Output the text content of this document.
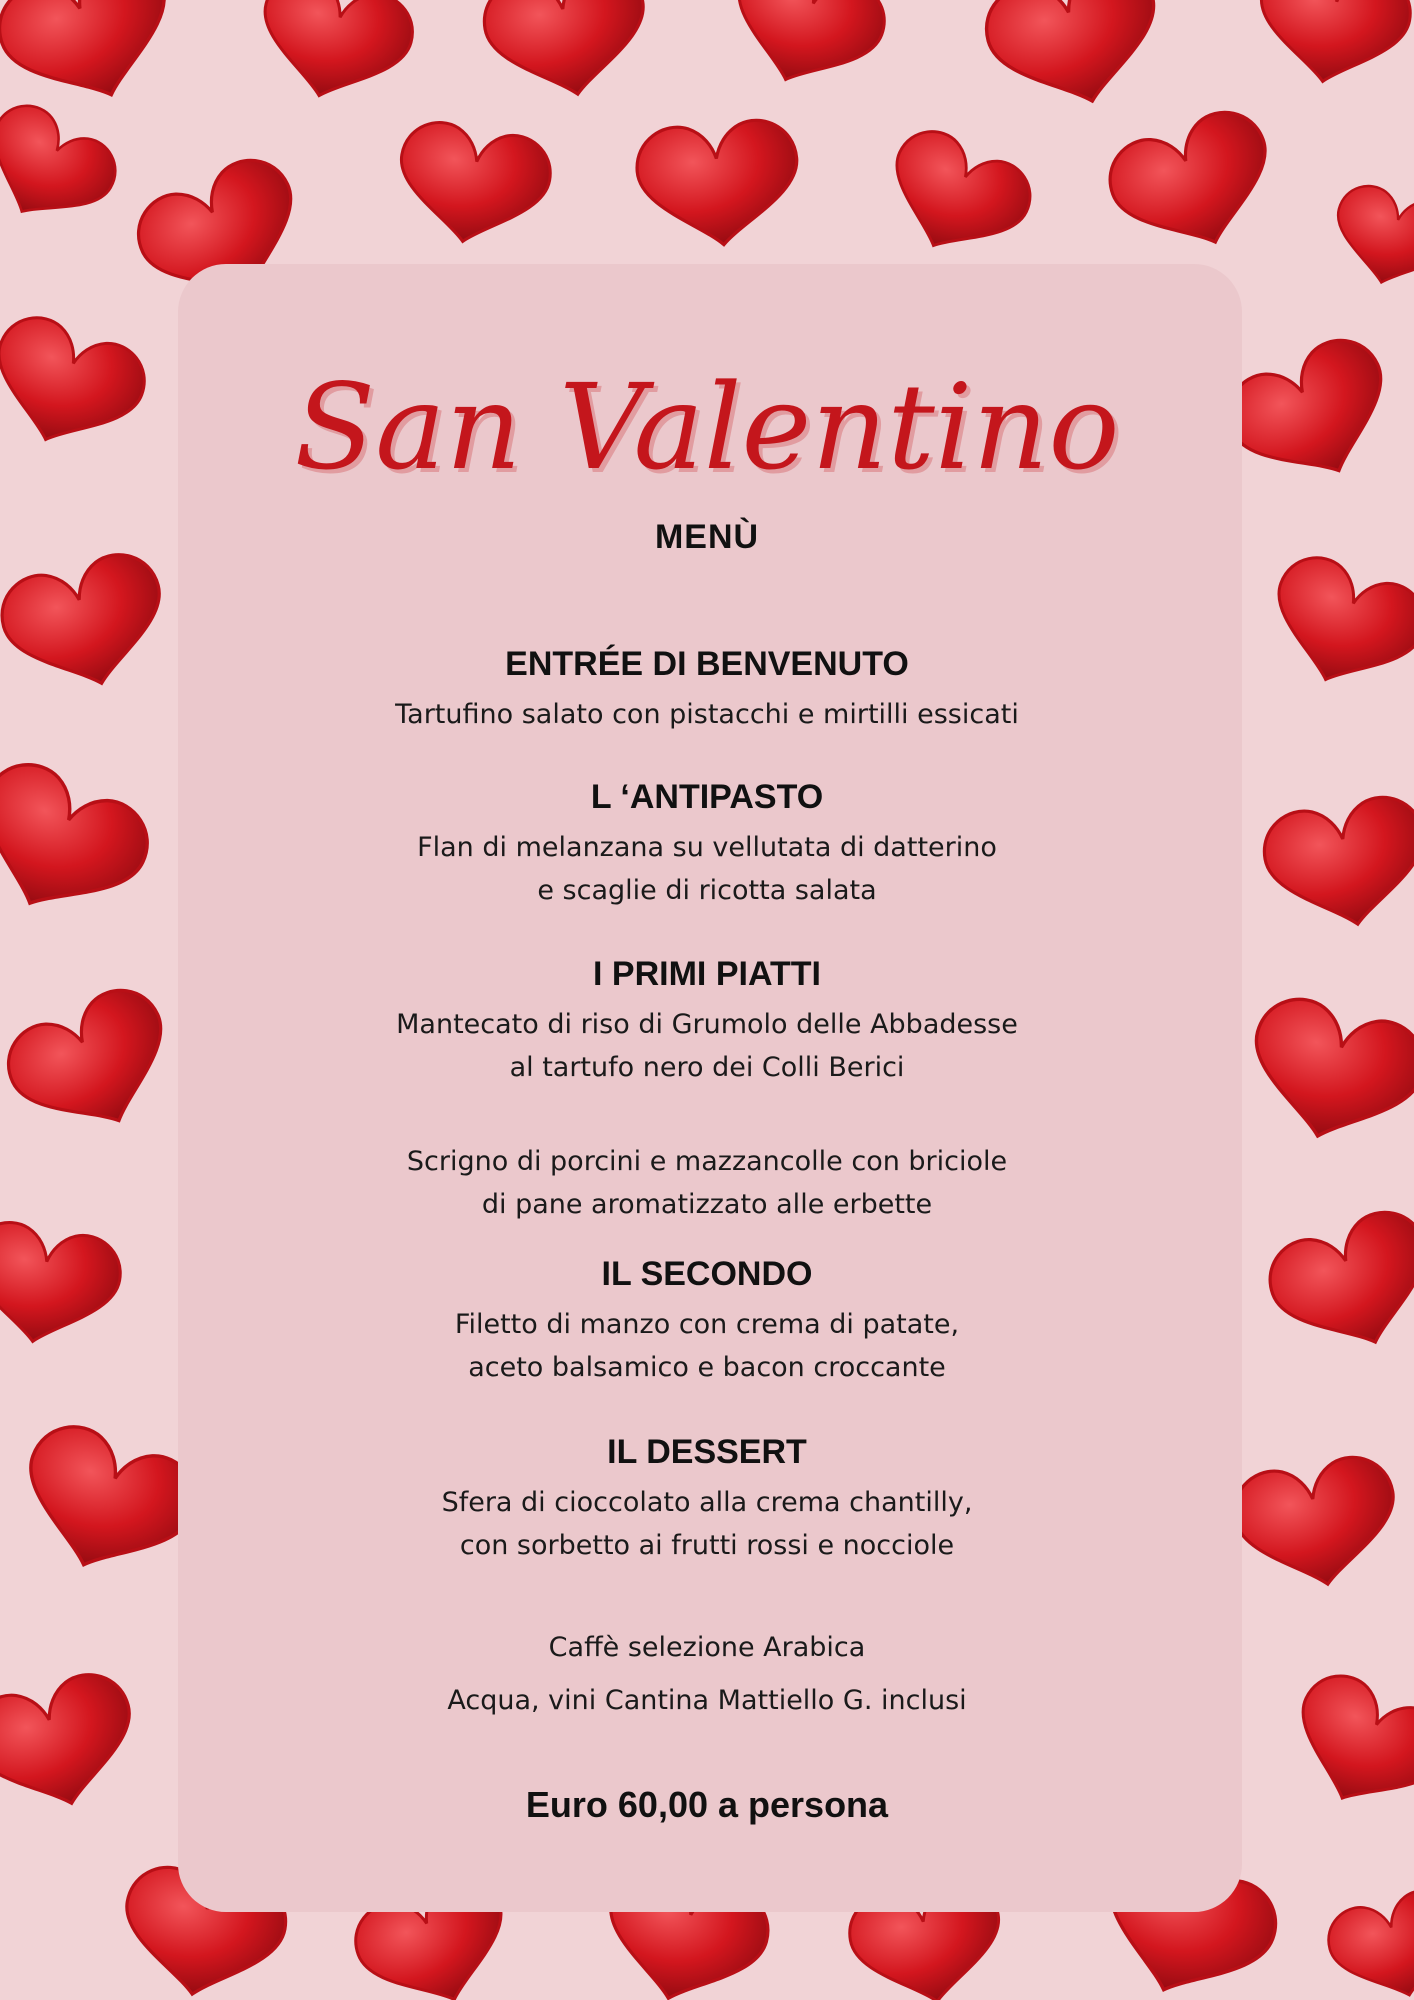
San Valentino
MENÙ
ENTRÉE DI BENVENUTO
Tartufino salato con pistacchi e mirtilli essicati
L ‘ANTIPASTO
Flan di melanzana su vellutata di datterino
e scaglie di ricotta salata
I PRIMI PIATTI
Mantecato di riso di Grumolo delle Abbadesse
al tartufo nero dei Colli Berici
Scrigno di porcini e mazzancolle con briciole
di pane aromatizzato alle erbette
IL SECONDO
Filetto di manzo con crema di patate,
aceto balsamico e bacon croccante
IL DESSERT
Sfera di cioccolato alla crema chantilly,
con sorbetto ai frutti rossi e nocciole
Caffè selezione Arabica
Acqua, vini Cantina Mattiello G. inclusi
Euro 60,00 a persona
